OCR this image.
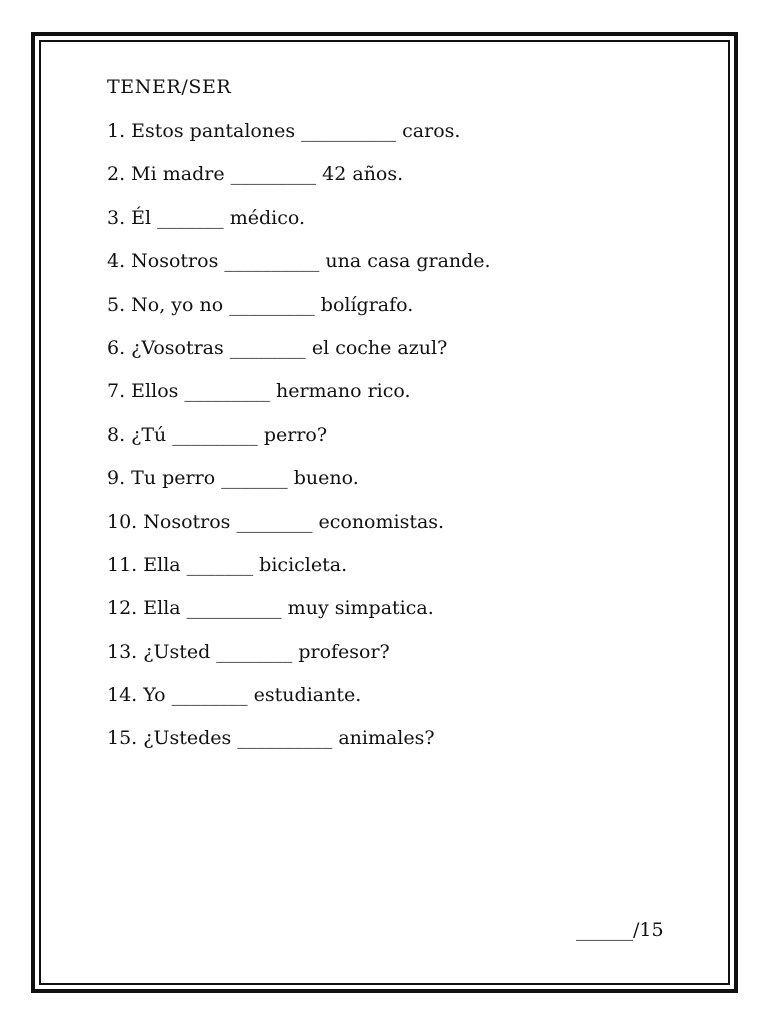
TENER/SER
1. Estos pantalones __________ caros.
2. Mi madre _________ 42 años.
3. Él _______ médico.
4. Nosotros __________ una casa grande.
5. No, yo no _________ bolígrafo.
6. ¿Vosotras ________ el coche azul?
7. Ellos _________ hermano rico.
8. ¿Tú _________ perro?
9. Tu perro _______ bueno.
10. Nosotros ________ economistas.
11. Ella _______ bicicleta.
12. Ella __________ muy simpatica.
13. ¿Usted ________ profesor?
14. Yo ________ estudiante.
15. ¿Ustedes __________ animales?
______/15
